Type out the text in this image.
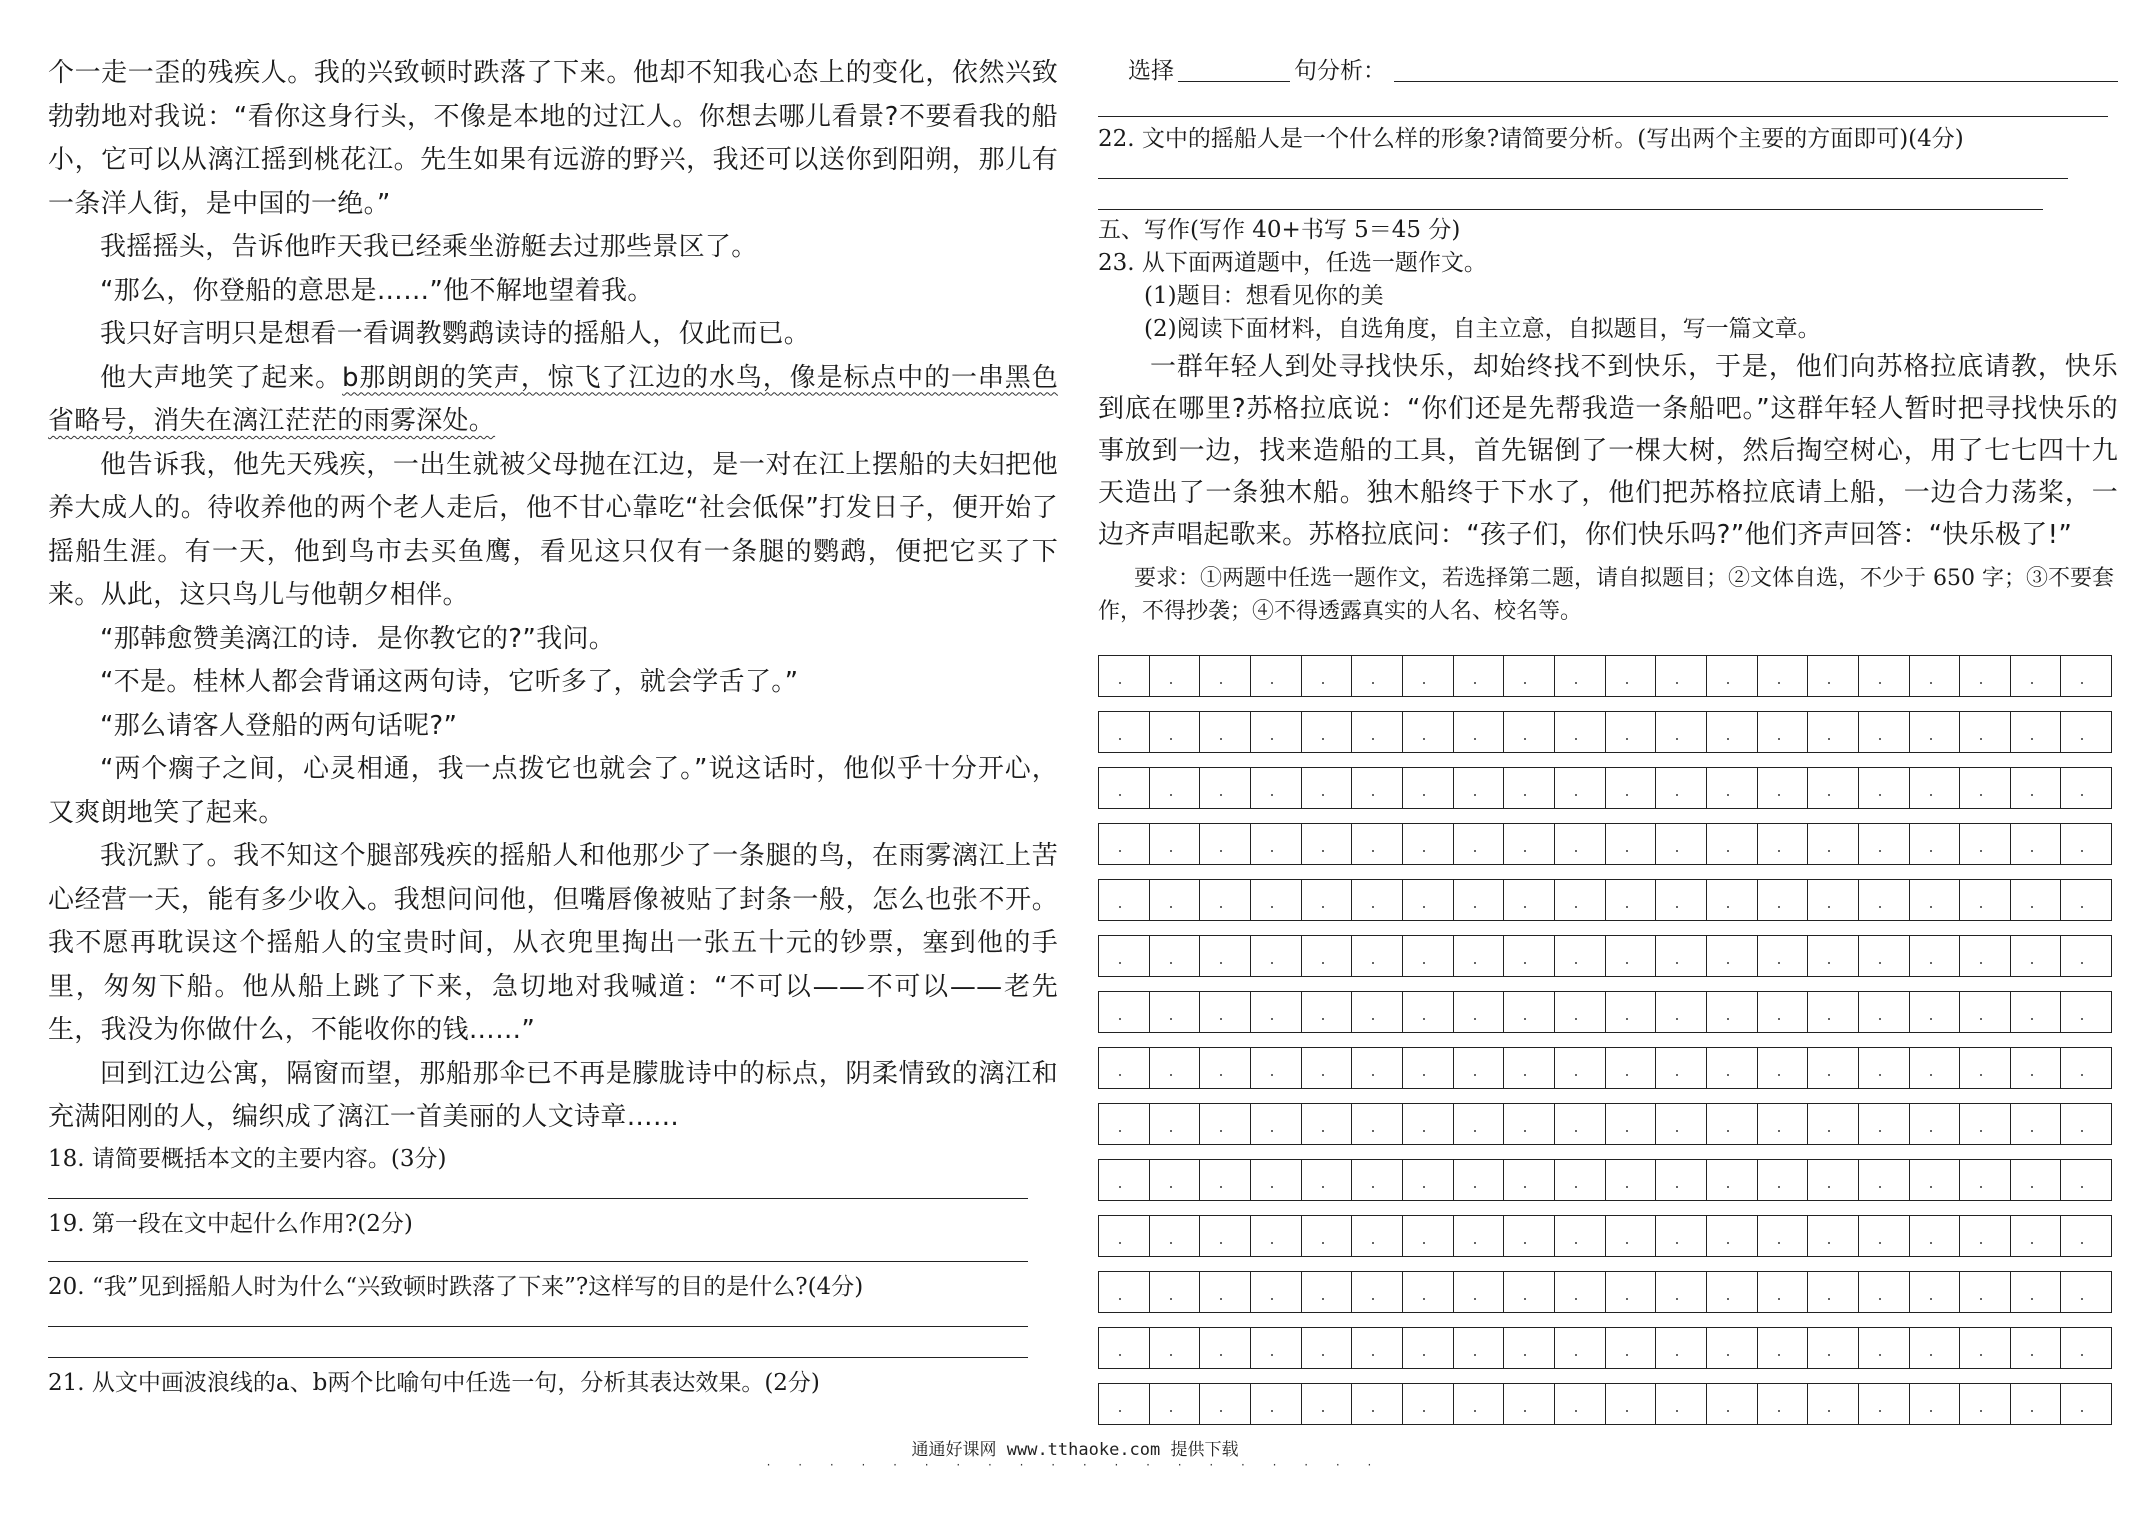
个一走一歪的残疾人。我的兴致顿时跌落了下来。他却不知我心态上的变化，依然兴致勃勃地对我说：“看你这身行头，不像是本地的过江人。你想去哪儿看景?不要看我的船小，它可以从漓江摇到桃花江。先生如果有远游的野兴，我还可以送你到阳朔，那儿有一条洋人街，是中国的一绝。”

我摇摇头，告诉他昨天我已经乘坐游艇去过那些景区了。

“那么，你登船的意思是……”他不解地望着我。

我只好言明只是想看一看调教鹦鹉读诗的摇船人，仅此而已。

他大声地笑了起来。b那朗朗的笑声，惊飞了江边的水鸟，像是标点中的一串黑色省略号，消失在漓江茫茫的雨雾深处。

他告诉我，他先天残疾，一出生就被父母抛在江边，是一对在江上摆船的夫妇把他养大成人的。待收养他的两个老人走后，他不甘心靠吃“社会低保”打发日子，便开始了摇船生涯。有一天，他到鸟市去买鱼鹰，看见这只仅有一条腿的鹦鹉，便把它买了下来。从此，这只鸟儿与他朝夕相伴。

“那韩愈赞美漓江的诗．是你教它的?”我问。

“不是。桂林人都会背诵这两句诗，它听多了，就会学舌了。”

“那么请客人登船的两句话呢?”

“两个瘸子之间，心灵相通，我一点拨它也就会了。”说这话时，他似乎十分开心，又爽朗地笑了起来。

我沉默了。我不知这个腿部残疾的摇船人和他那少了一条腿的鸟，在雨雾漓江上苦心经营一天，能有多少收入。我想问问他，但嘴唇像被贴了封条一般，怎么也张不开。我不愿再耽误这个摇船人的宝贵时间，从衣兜里掏出一张五十元的钞票，塞到他的手里，匆匆下船。他从船上跳了下来，急切地对我喊道：“不可以——不可以——老先生，我没为你做什么，不能收你的钱……”

回到江边公寓，隔窗而望，那船那伞已不再是朦胧诗中的标点，阴柔情致的漓江和充满阳刚的人，编织成了漓江一首美丽的人文诗章……

18. 请简要概括本文的主要内容。(3分)

19. 第一段在文中起什么作用?(2分)

20. “我”见到摇船人时为什么“兴致顿时跌落了下来”?这样写的目的是什么?(4分)

21. 从文中画波浪线的a、b两个比喻句中任选一句，分析其表达效果。(2分)

选择	句分析：

22. 文中的摇船人是一个什么样的形象?请简要分析。(写出两个主要的方面即可)(4分)

五、写作(写作 40+书写 5＝45 分)

23. 从下面两道题中，任选一题作文。

(1)题目：想看见你的美

(2)阅读下面材料，自选角度，自主立意，自拟题目，写一篇文章。

一群年轻人到处寻找快乐，却始终找不到快乐，于是，他们向苏格拉底请教，快乐到底在哪里?苏格拉底说：“你们还是先帮我造一条船吧。”这群年轻人暂时把寻找快乐的事放到一边，找来造船的工具，首先锯倒了一棵大树，然后掏空树心，用了七七四十九天造出了一条独木船。独木船终于下水了，他们把苏格拉底请上船，一边合力荡桨，一边齐声唱起歌来。苏格拉底问：“孩子们，你们快乐吗?”他们齐声回答：“快乐极了!”

要求：①两题中任选一题作文，若选择第二题，请自拟题目；②文体自选，不少于 650 字；③不要套作，不得抄袭；④不得透露真实的人名、校名等。

通通好课网 www.tthaoke.com 提供下载
· · · · · · · · · · · · · · · · · · · ·
